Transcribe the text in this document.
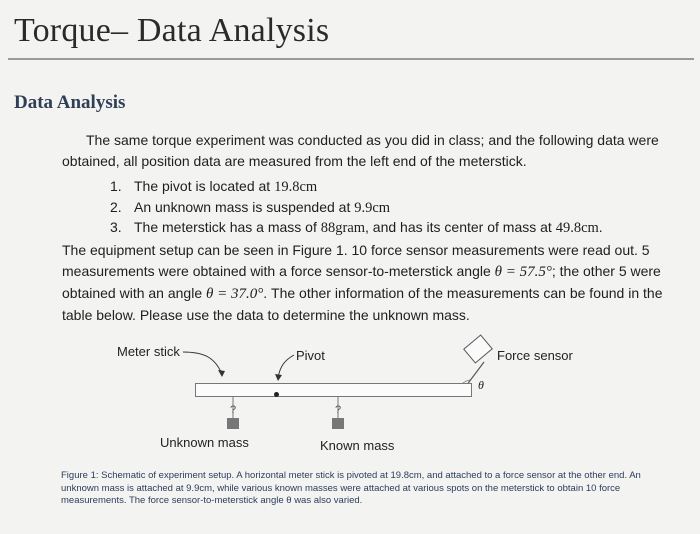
Torque– Data Analysis
Data Analysis
The same torque experiment was conducted as you did in class; and the following data were obtained, all position data are measured from the left end of the meterstick.
1. The pivot is located at 19.8cm
2. An unknown mass is suspended at 9.9cm
3. The meterstick has a mass of 88gram, and has its center of mass at 49.8cm.
The equipment setup can be seen in Figure 1. 10 force sensor measurements were read out. 5 measurements were obtained with a force sensor-to-meterstick angle θ = 57.5°; the other 5 were obtained with an angle θ = 37.0°. The other information of the measurements can be found in the table below. Please use the data to determine the unknown mass.
Meter stick	Pivot	Force sensor
θ
?	?
Unknown mass	Known mass
Figure 1: Schematic of experiment setup. A horizontal meter stick is pivoted at 19.8cm, and attached to a force sensor at the other end. An unknown mass is attached at 9.9cm, while various known masses were attached at various spots on the meterstick to obtain 10 force measurements. The force sensor-to-meterstick angle θ was also varied.
